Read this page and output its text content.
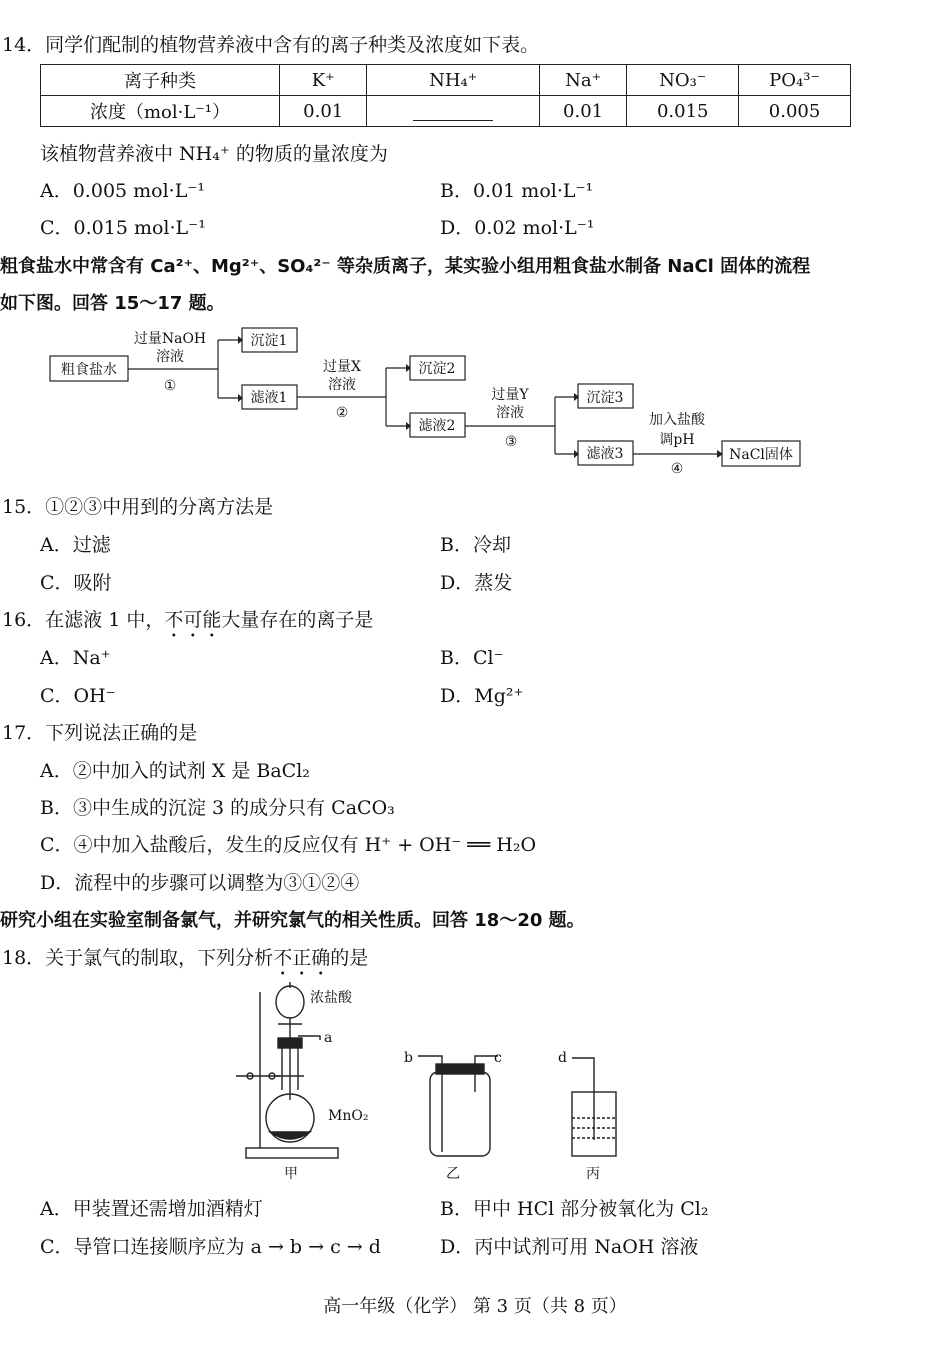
14．同学们配制的植物营养液中含有的离子种类及浓度如下表。
离子种类	K⁺	NH₄⁺	Na⁺	NO₃⁻	PO₄³⁻
浓度（mol·L⁻¹）	0.01		0.01	0.015	0.005
该植物营养液中 NH₄⁺ 的物质的量浓度为
A．0.005 mol·L⁻¹	B．0.01 mol·L⁻¹
C．0.015 mol·L⁻¹	D．0.02 mol·L⁻¹
粗食盐水中常含有 Ca²⁺、Mg²⁺、SO₄²⁻ 等杂质离子，某实验小组用粗食盐水制备 NaCl 固体的流程
如下图。回答 15～17 题。
粗食盐水
过量NaOH
溶液
①
沉淀1
滤液1
过量X
溶液
②
沉淀2
滤液2
过量Y
溶液
③
沉淀3
滤液3
加入盐酸
调pH
④
NaCl固体
15．①②③中用到的分离方法是
A．过滤	B．冷却
C．吸附	D．蒸发
16．在滤液 1 中，不可能大量存在的离子是
A．Na⁺	B．Cl⁻
C．OH⁻	D．Mg²⁺
17．下列说法正确的是
A．②中加入的试剂 X 是 BaCl₂
B．③中生成的沉淀 3 的成分只有 CaCO₃
C．④中加入盐酸后，发生的反应仅有 H⁺ + OH⁻ ══ H₂O
D．流程中的步骤可以调整为③①②④
研究小组在实验室制备氯气，并研究氯气的相关性质。回答 18～20 题。
18．关于氯气的制取，下列分析不正确的是
浓盐酸
a
MnO₂
b	c	d
甲	乙	丙
A．甲装置还需增加酒精灯	B．甲中 HCl 部分被氧化为 Cl₂
C．导管口连接顺序应为 a → b → c → d	D．丙中试剂可用 NaOH 溶液
高一年级（化学） 第 3 页（共 8 页）
